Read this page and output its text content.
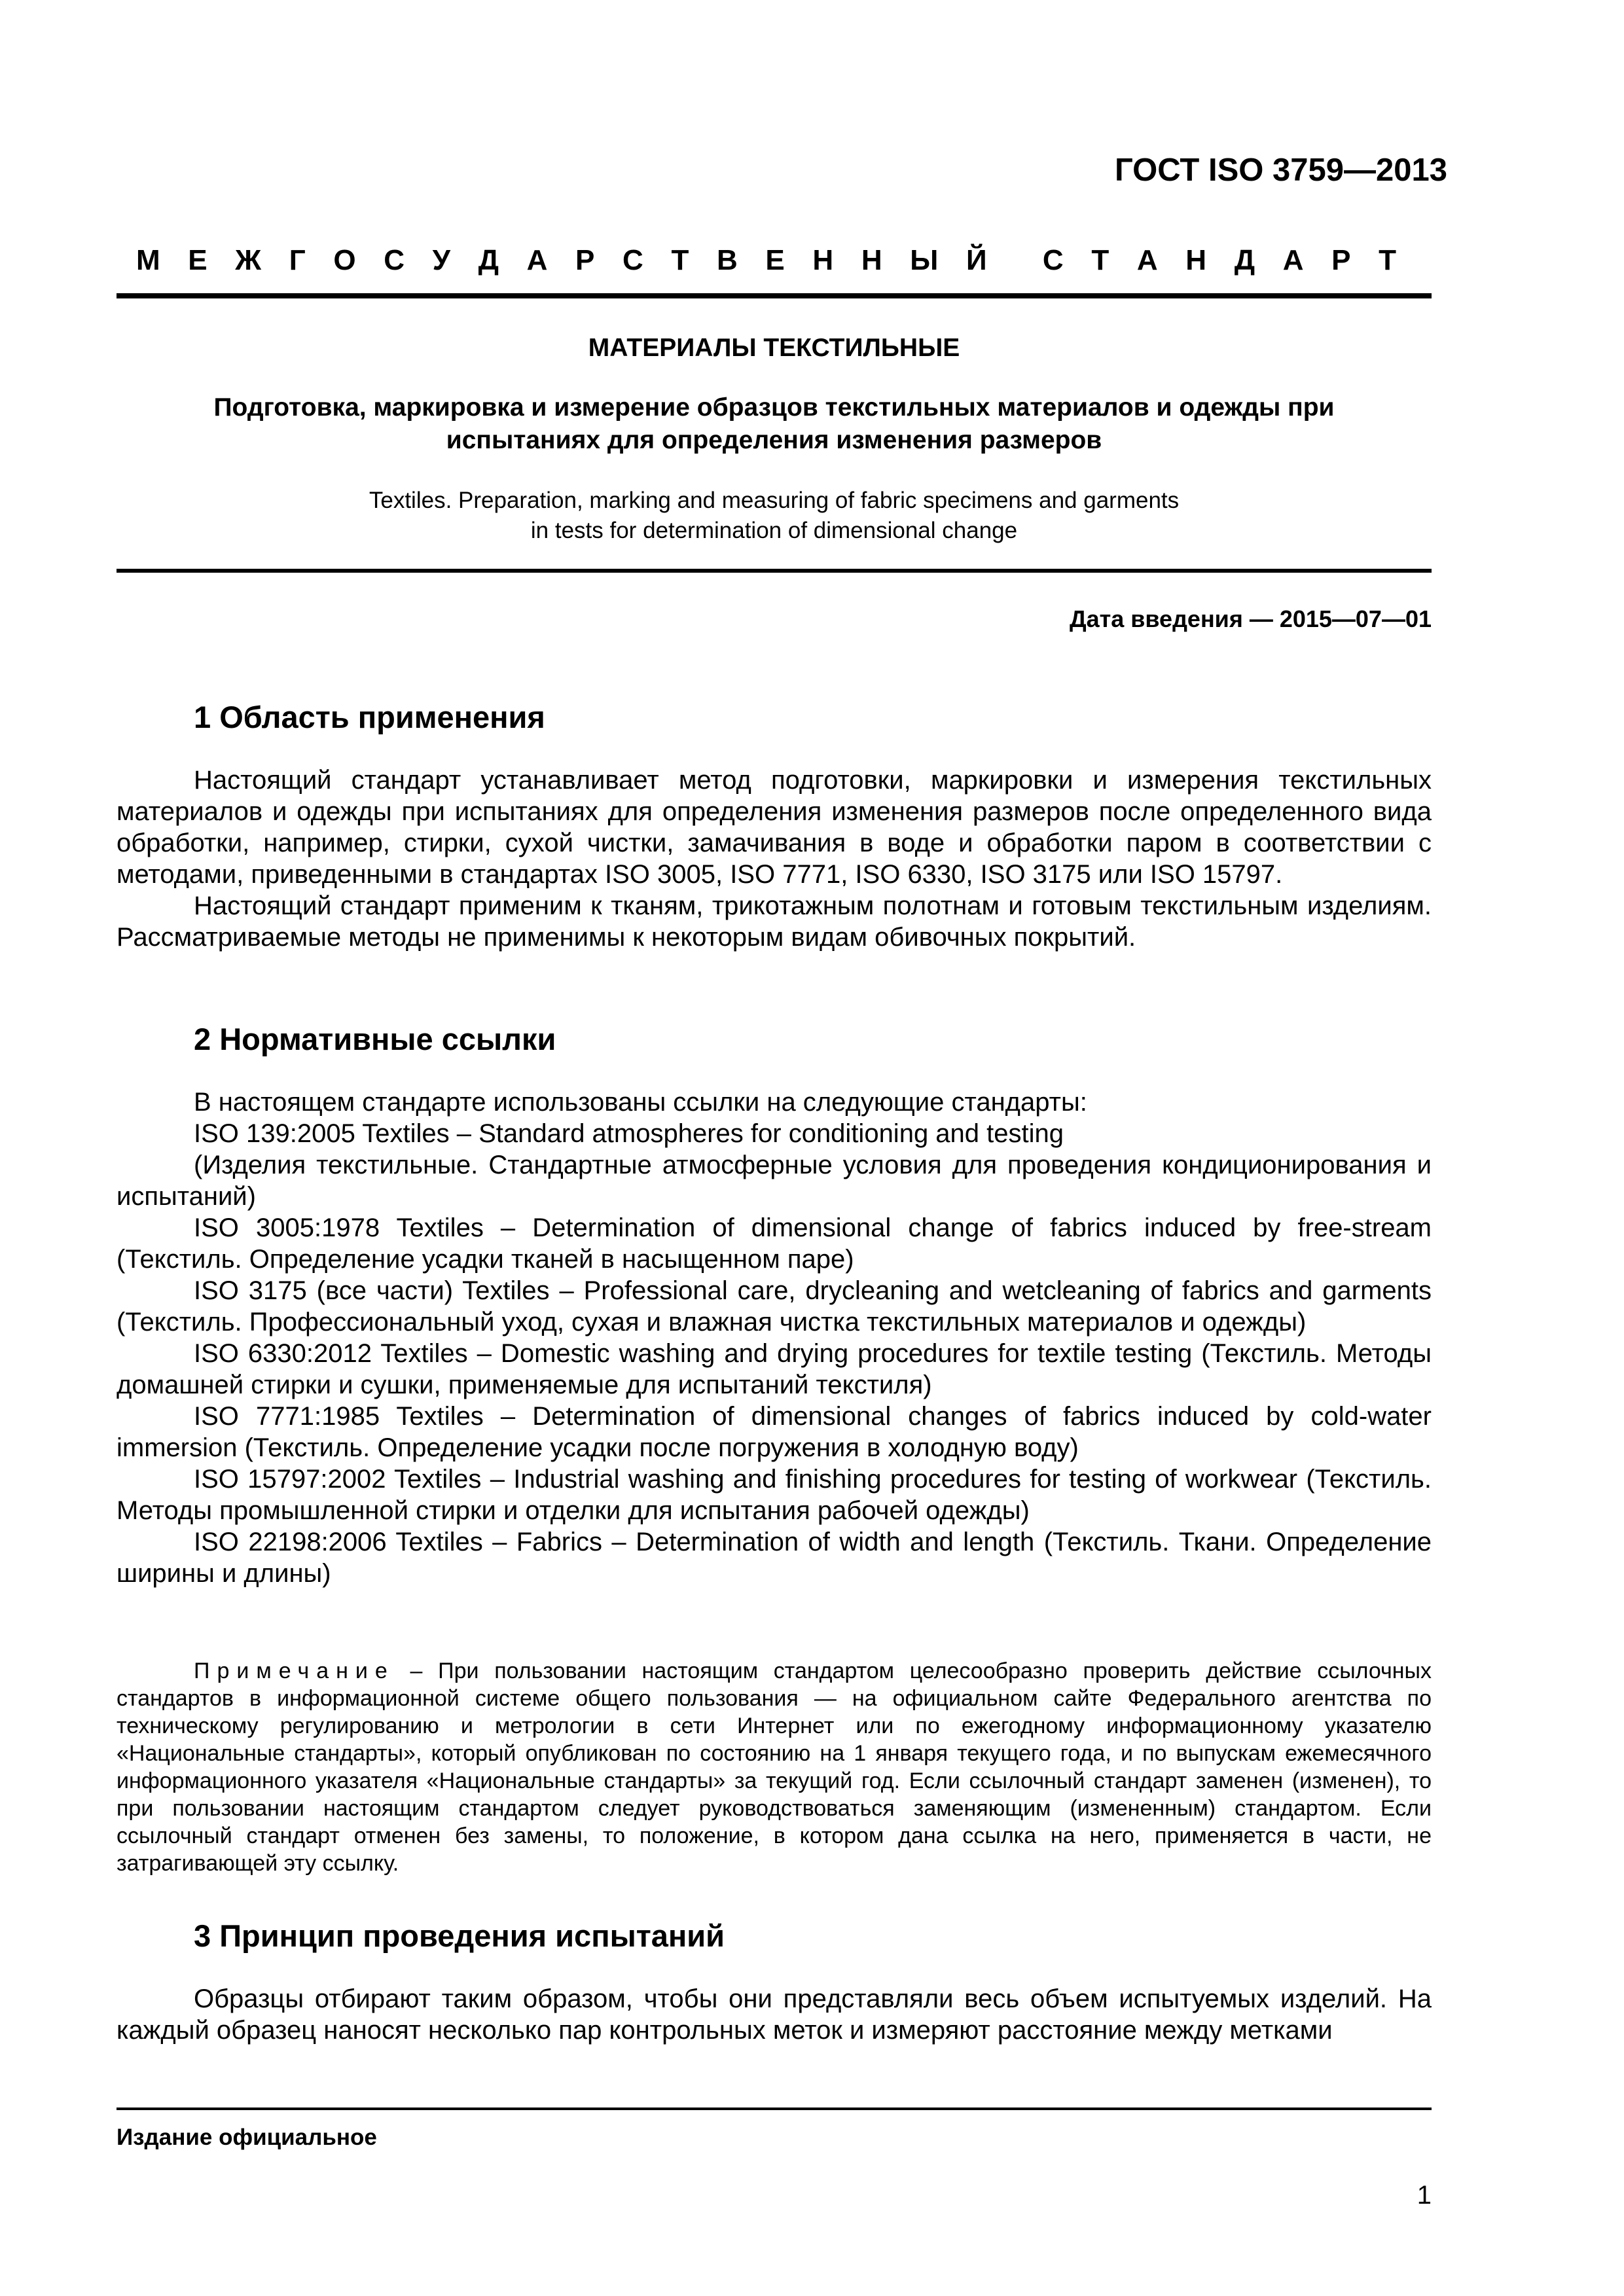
ГОСТ ISO 3759—2013
М Е Ж Г О С У Д А Р С Т В Е Н Н Ы Й С Т А Н Д А Р Т
МАТЕРИАЛЫ ТЕКСТИЛЬНЫЕ
Подготовка, маркировка и измерение образцов текстильных материалов и одежды при испытаниях для определения изменения размеров
Textiles. Preparation, marking and measuring of fabric specimens and garments
in tests for determination of dimensional change
Дата введения — 2015—07—01
1 Область применения

Настоящий стандарт устанавливает метод подготовки, маркировки и измерения текстильных материалов и одежды при испытаниях для определения изменения размеров после определенного вида обработки, например, стирки, сухой чистки, замачивания в воде и обработки паром в соответствии с методами, приведенными в стандартах ISO 3005, ISO 7771, ISO 6330, ISO 3175 или ISO 15797.

Настоящий стандарт применим к тканям, трикотажным полотнам и готовым текстильным изделиям. Рассматриваемые методы не применимы к некоторым видам обивочных покрытий.

2 Нормативные ссылки

В настоящем стандарте использованы ссылки на следующие стандарты:

ISO 139:2005 Textiles – Standard atmospheres for conditioning and testing

(Изделия текстильные. Стандартные атмосферные условия для проведения кондиционирования и испытаний)

ISO 3005:1978 Textiles – Determination of dimensional change of fabrics induced by free-stream (Текстиль. Определение усадки тканей в насыщенном паре)

ISO 3175 (все части) Textiles – Professional care, drycleaning and wetcleaning of fabrics and garments (Текстиль. Профессиональный уход, сухая и влажная чистка текстильных материалов и одежды)

ISO 6330:2012 Textiles – Domestic washing and drying procedures for textile testing (Текстиль. Методы домашней стирки и сушки, применяемые для испытаний текстиля)

ISO 7771:1985 Textiles – Determination of dimensional changes of fabrics induced by cold-water immersion (Текстиль. Определение усадки после погружения в холодную воду)

ISO 15797:2002 Textiles – Industrial washing and finishing procedures for testing of workwear (Текстиль. Методы промышленной стирки и отделки для испытания рабочей одежды)

ISO 22198:2006 Textiles – Fabrics – Determination of width and length (Текстиль. Ткани. Определение ширины и длины)

Примечание – При пользовании настоящим стандартом целесообразно проверить действие ссылочных стандартов в информационной системе общего пользования — на официальном сайте Федерального агентства по техническому регулированию и метрологии в сети Интернет или по ежегодному информационному указателю «Национальные стандарты», который опубликован по состоянию на 1 января текущего года, и по выпускам ежемесячного информационного указателя «Национальные стандарты» за текущий год. Если ссылочный стандарт заменен (изменен), то при пользовании настоящим стандартом следует руководствоваться заменяющим (измененным) стандартом. Если ссылочный стандарт отменен без замены, то положение, в котором дана ссылка на него, применяется в части, не затрагивающей эту ссылку.
3 Принцип проведения испытаний

Образцы отбирают таким образом, чтобы они представляли весь объем испытуемых изделий. На каждый образец наносят несколько пар контрольных меток и измеряют расстояние между метками

Издание официальное
1
